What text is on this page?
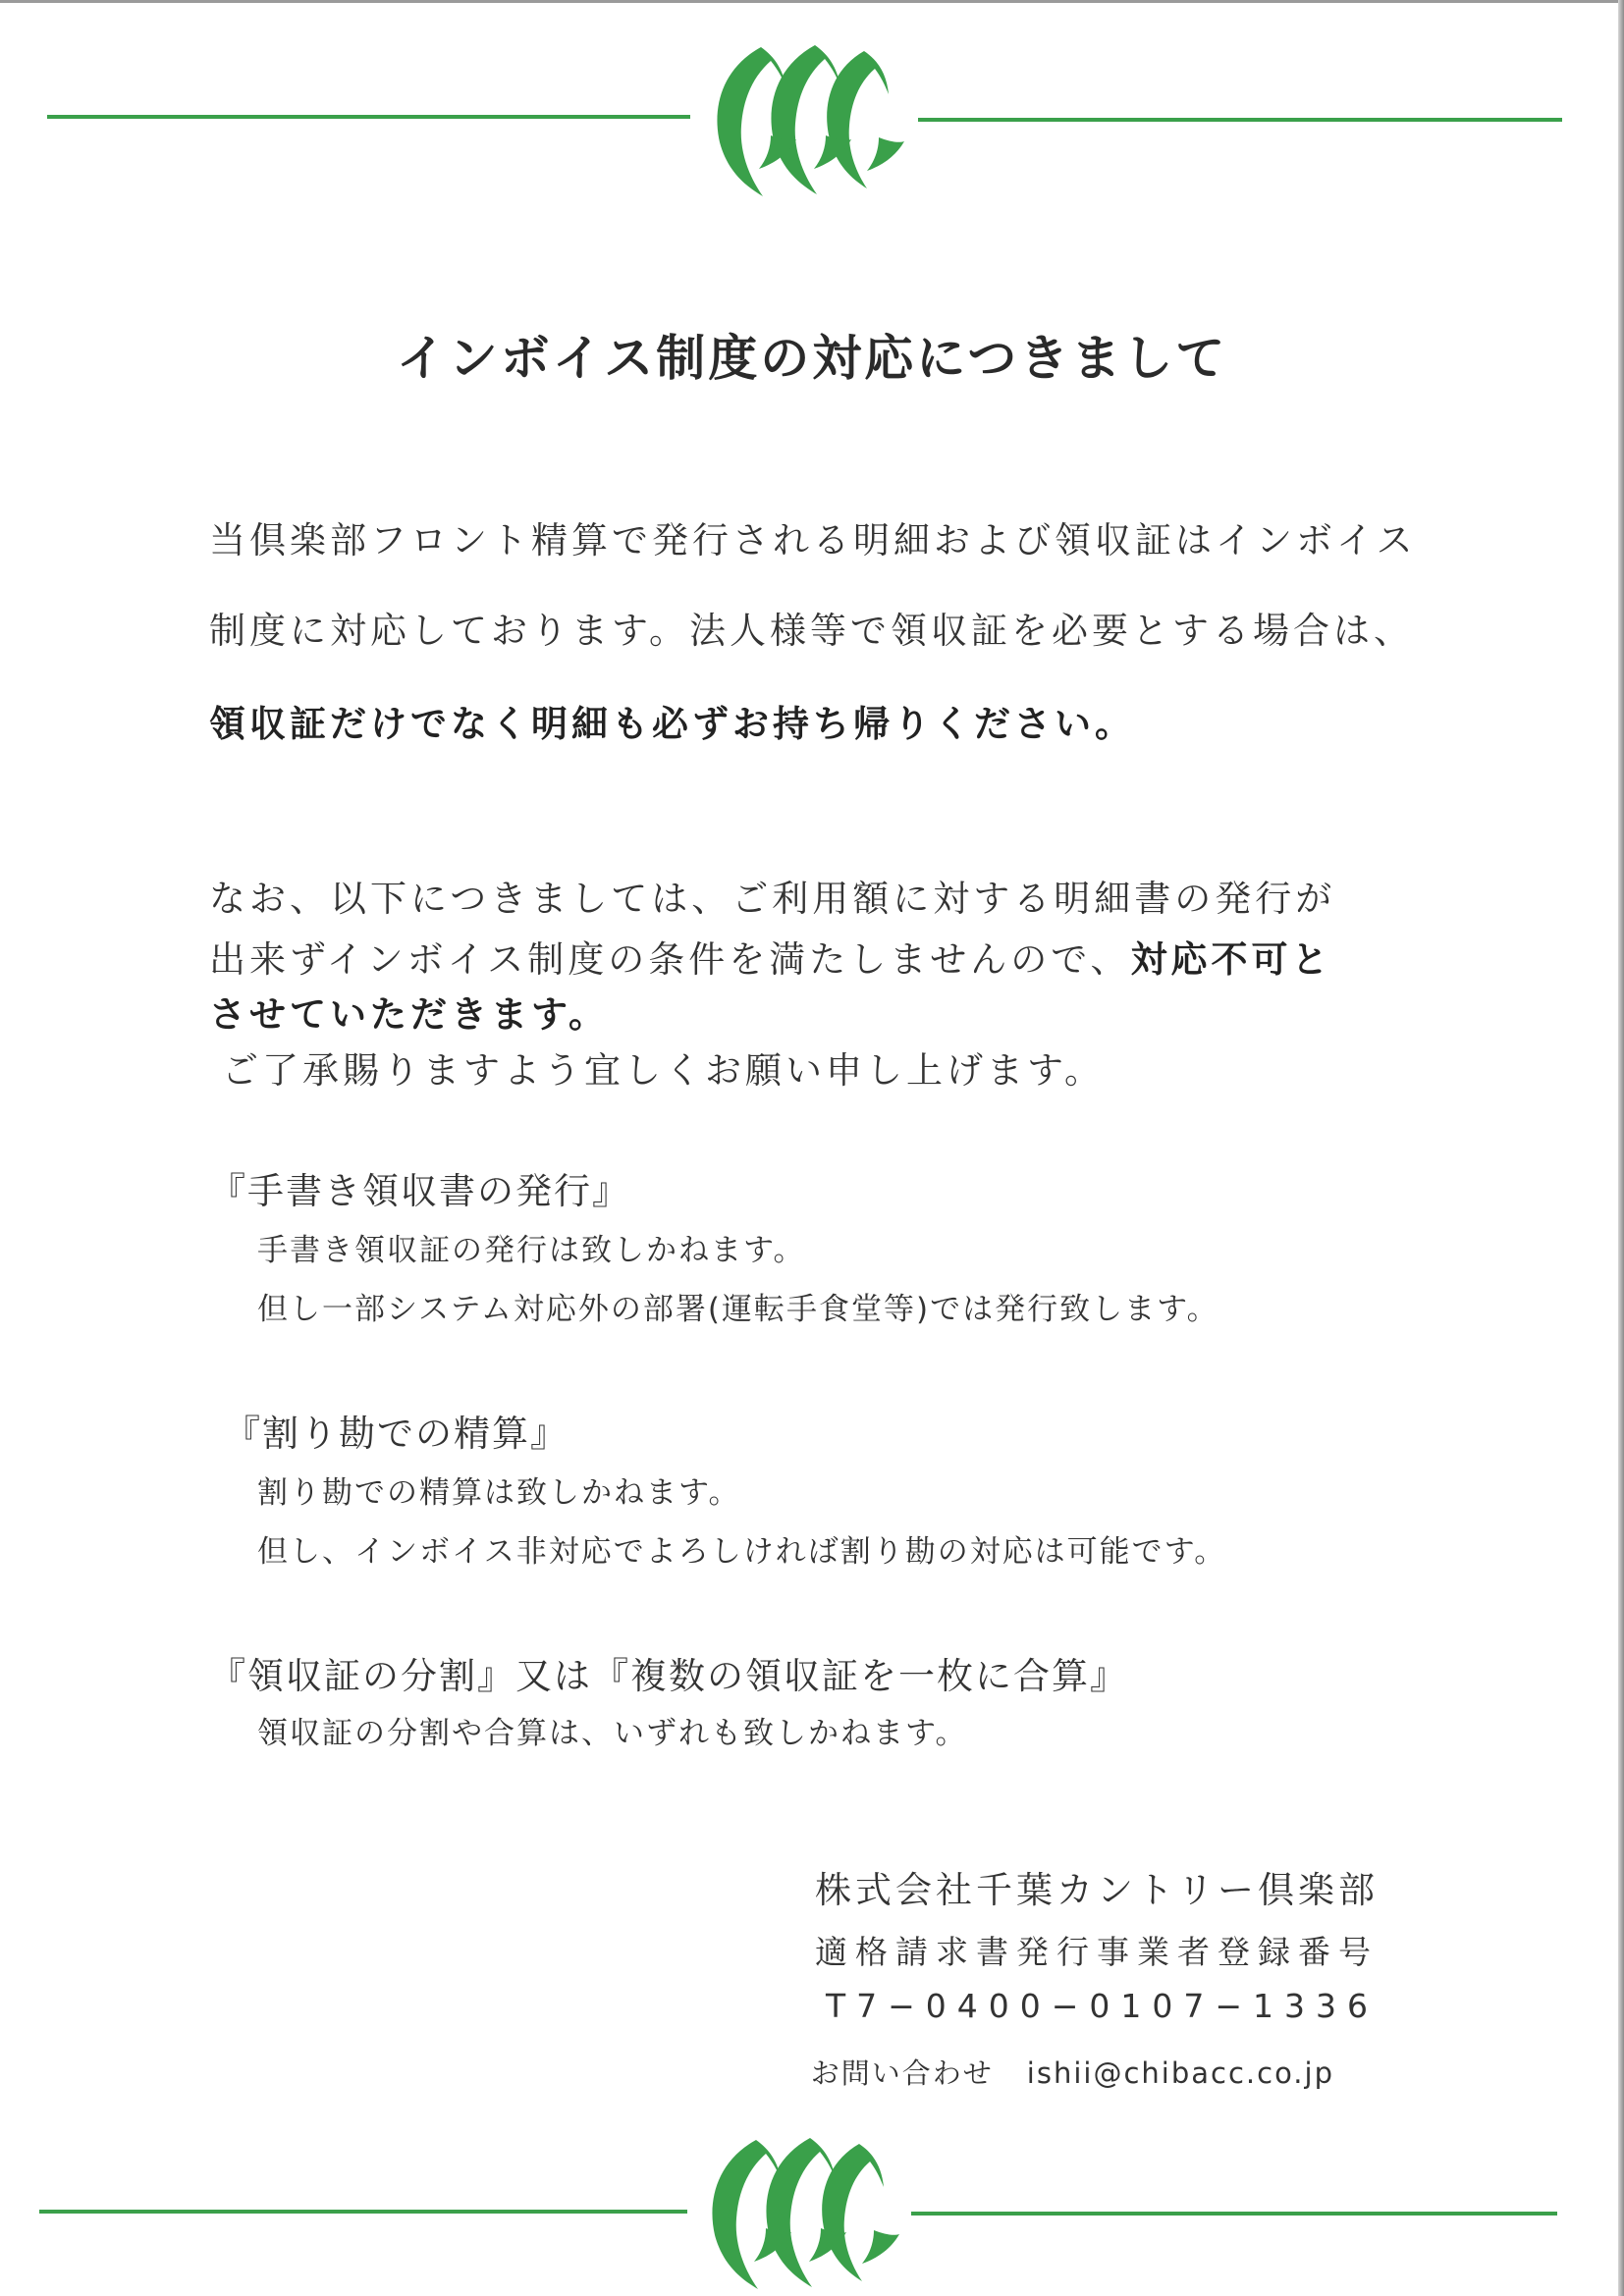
インボイス制度の対応につきまして
当倶楽部フロント精算で発行される明細および領収証はインボイス
制度に対応しております。法人様等で領収証を必要とする場合は、
領収証だけでなく明細も必ずお持ち帰りください。
なお、以下につきましては、ご利用額に対する明細書の発行が
出来ずインボイス制度の条件を満たしませんので、対応不可と
させていただきます。
ご了承賜りますよう宜しくお願い申し上げます。
『手書き領収書の発行』
手書き領収証の発行は致しかねます。
但し一部システム対応外の部署(運転手食堂等)では発行致します。
『割り勘での精算』
割り勘での精算は致しかねます。
但し、インボイス非対応でよろしければ割り勘の対応は可能です。
『領収証の分割』又は『複数の領収証を一枚に合算』
領収証の分割や合算は、いずれも致しかねます。
株式会社千葉カントリー倶楽部
適格請求書発行事業者登録番号
T7−0400−0107−1336
お問い合わせ ishii@chibacc.co.jp
